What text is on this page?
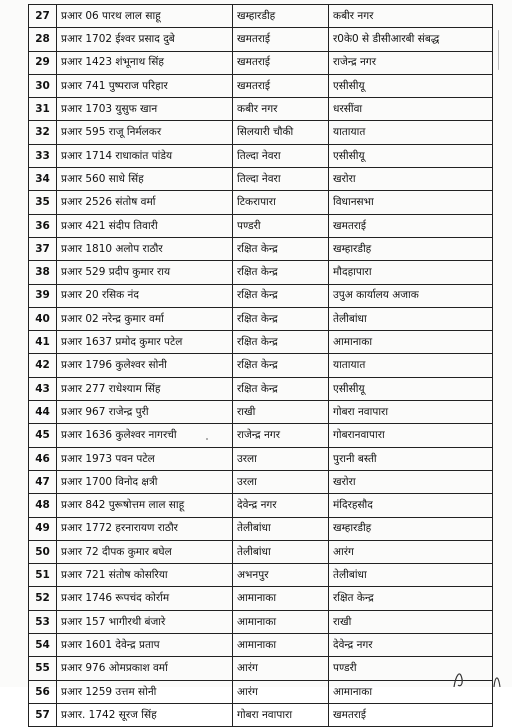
27	प्रआर 06 पारथ लाल साहू	खम्हारडीह	कबीर नगर
28	प्रआर 1702 ईश्वर प्रसाद दुबे	खमतराई	र0के0 से डीसीआरबी संबद्ध
29	प्रआर 1423 शंभूनाथ सिंह	खमतराई	राजेन्द्र नगर
30	प्रआर 741 पुष्पराज परिहार	खमतराई	एसीसीयू
31	प्रआर 1703 युसुफ खान	कबीर नगर	धरसींवा
32	प्रआर 595 राजू निर्मलकर	सिलयारी चौकी	यातायात
33	प्रआर 1714 राधाकांत पांडेय	तिल्दा नेवरा	एसीसीयू
34	प्रआर 560 साधे सिंह	तिल्दा नेवरा	खरोरा
35	प्रआर 2526 संतोष वर्मा	टिकरापारा	विधानसभा
36	प्रआर 421 संदीप तिवारी	पण्डरी	खमतराई
37	प्रआर 1810 अलोप राठौर	रक्षित केन्द्र	खम्हारडीह
38	प्रआर 529 प्रदीप कुमार राय	रक्षित केन्द्र	मौदहापारा
39	प्रआर 20 रसिक नंद	रक्षित केन्द्र	उपुअ कार्यालय अजाक
40	प्रआर 02 नरेन्द्र कुमार वर्मा	रक्षित केन्द्र	तेलीबांधा
41	प्रआर 1637 प्रमोद कुमार पटेल	रक्षित केन्द्र	आमानाका
42	प्रआर 1796 कुलेश्वर सोनी	रक्षित केन्द्र	यातायात
43	प्रआर 277 राधेश्याम सिंह	रक्षित केन्द्र	एसीसीयू
44	प्रआर 967 राजेन्द्र पुरी	राखी	गोबरा नवापारा
45	प्रआर 1636 कुलेश्वर नागरची	राजेन्द्र नगर	गोबरानवापारा
46	प्रआर 1973 पवन पटेल	उरला	पुरानी बस्ती
47	प्रआर 1700 विनोद क्षत्री	उरला	खरोरा
48	प्रआर 842 पुरूषोत्तम लाल साहू	देवेन्द्र नगर	मंदिरहसौद
49	प्रआर 1772 हरनारायण राठौर	तेलीबांधा	खम्हारडीह
50	प्रआर 72 दीपक कुमार बघेल	तेलीबांधा	आरंग
51	प्रआर 721 संतोष कोसरिया	अभनपुर	तेलीबांधा
52	प्रआर 1746 रूपचंद कोर्राम	आमानाका	रक्षित केन्द्र
53	प्रआर 157 भागीरथी बंजारे	आमानाका	राखी
54	प्रआर 1601 देवेन्द्र प्रताप	आमानाका	देवेन्द्र नगर
55	प्रआर 976 ओमप्रकाश वर्मा	आरंग	पण्डरी
56	प्रआर 1259 उत्तम सोनी	आरंग	आमानाका
57	प्रआर. 1742 सूरज सिंह	गोबरा नवापारा	खमतराई
